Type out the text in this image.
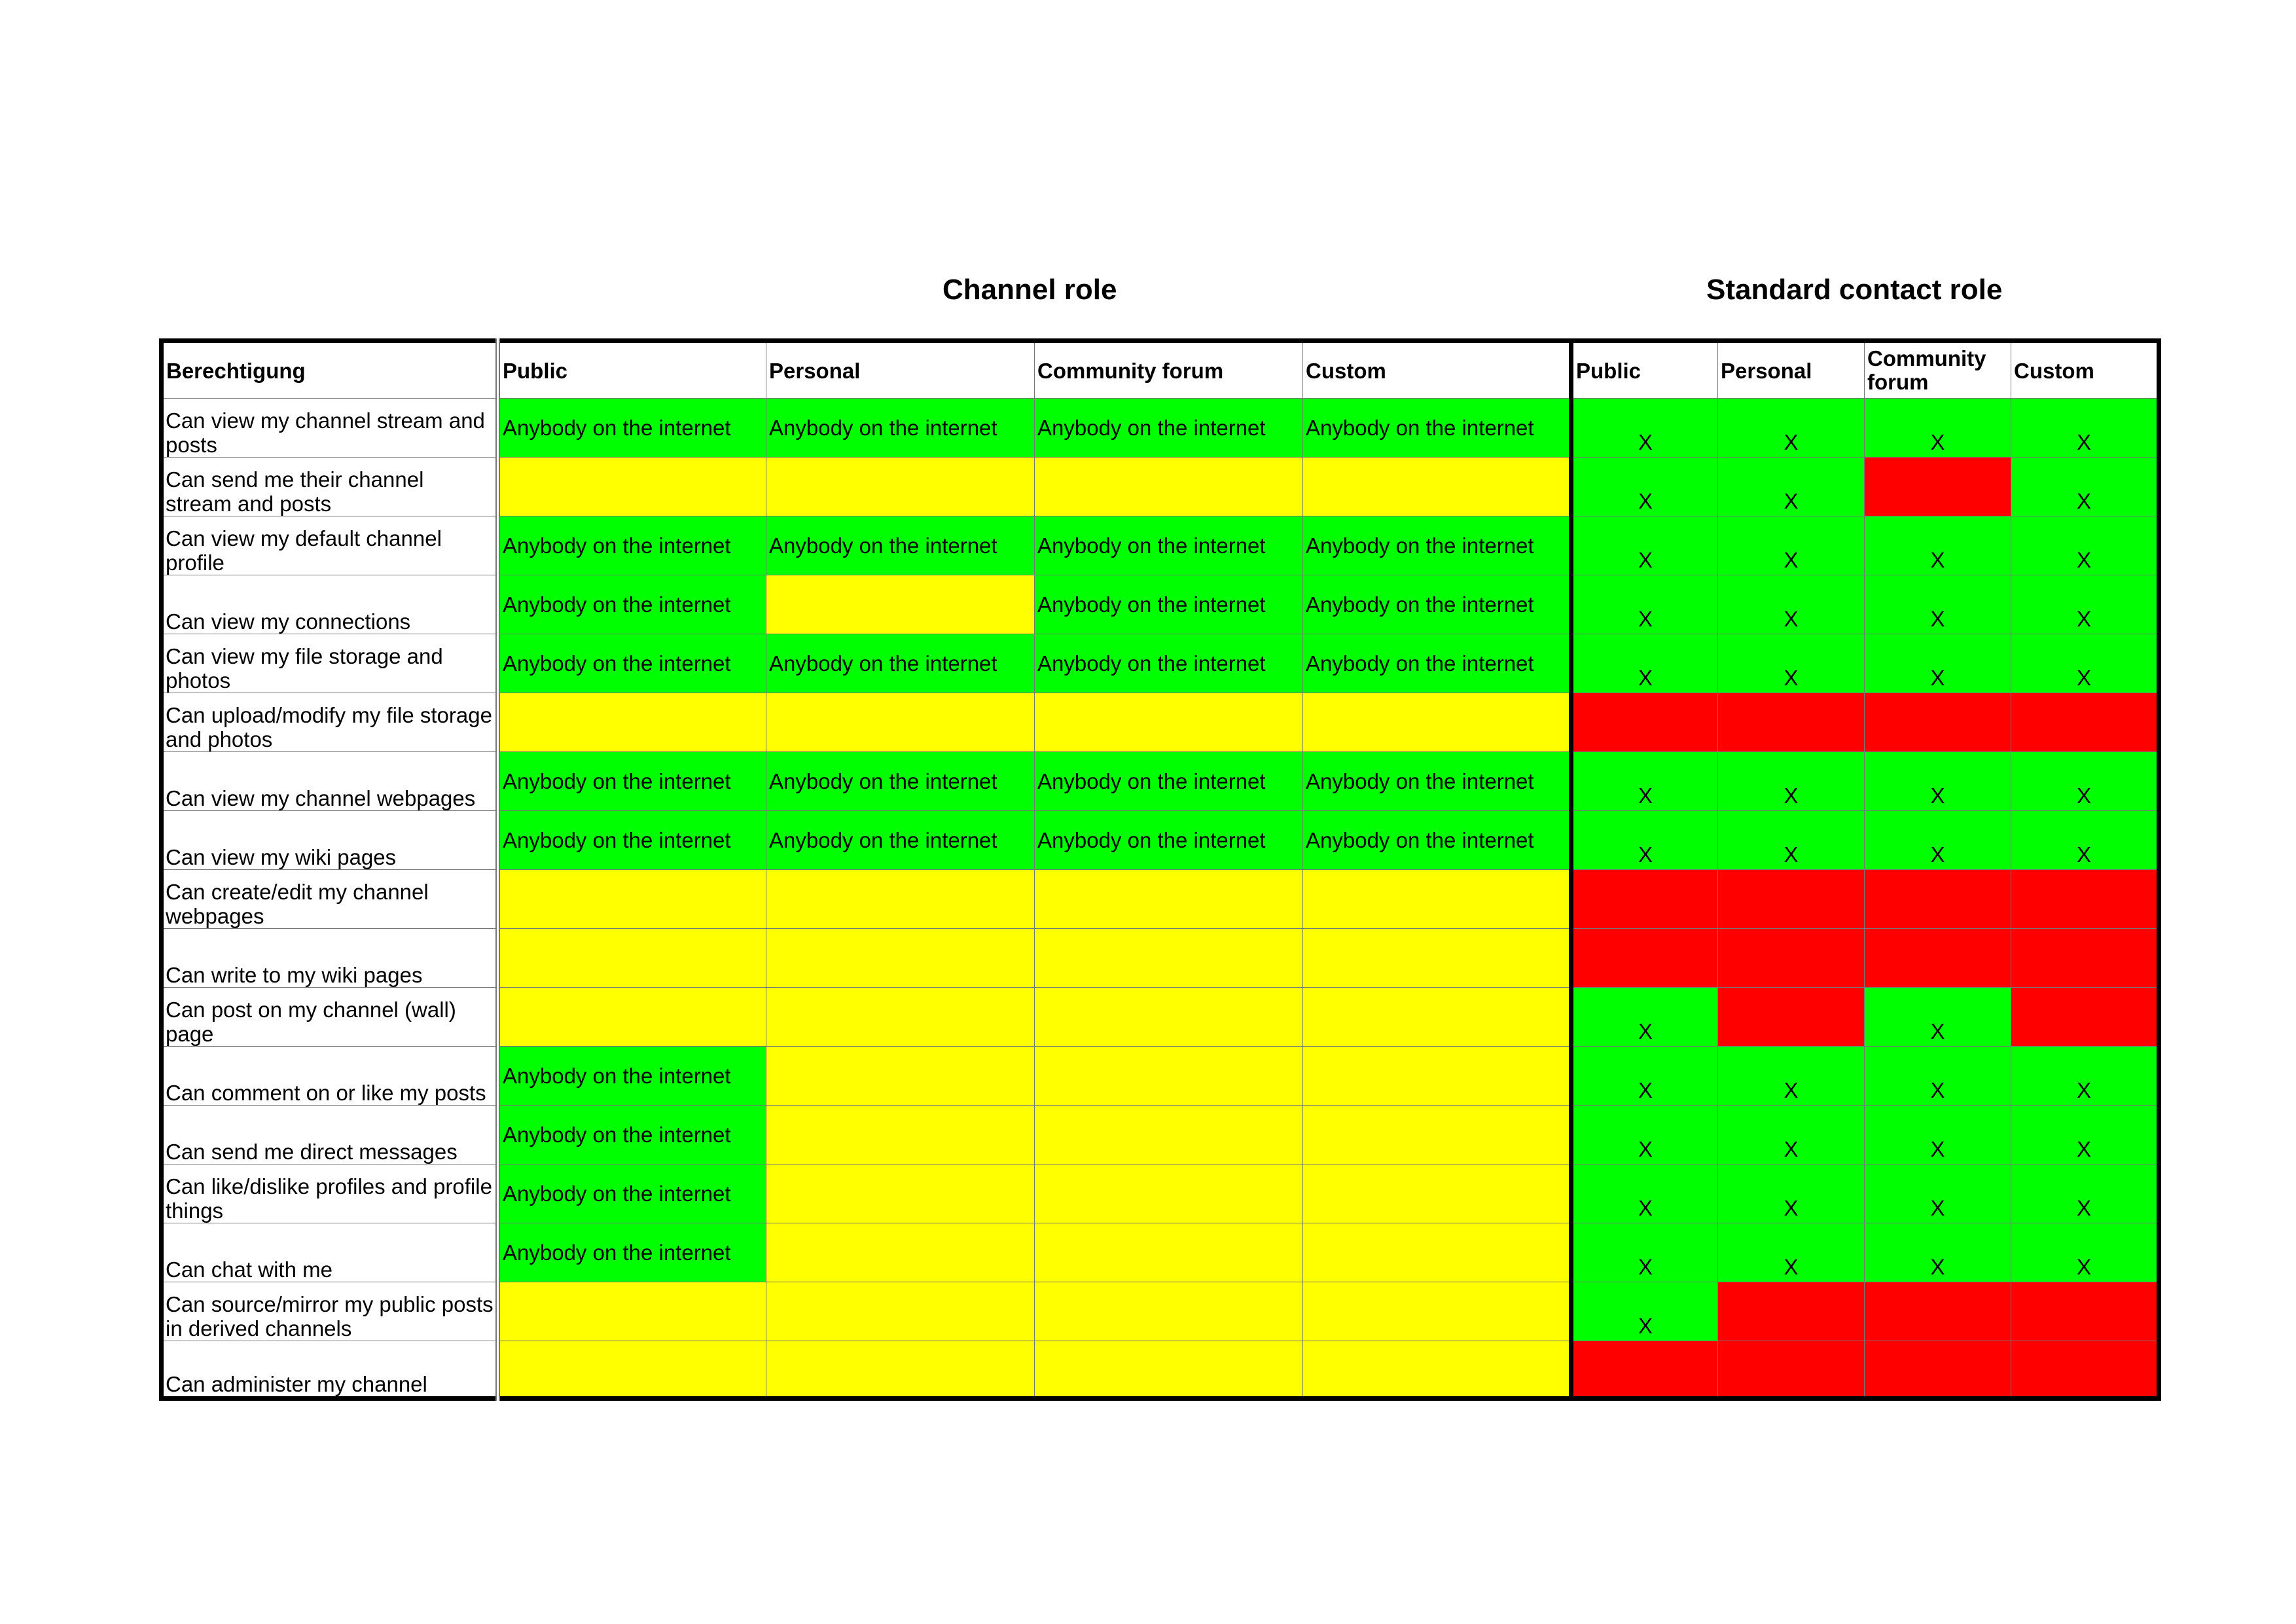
Channel role	Standard contact role
Berechtigung	Public	Personal	Community forum	Custom	Public	Personal	Community forum	Custom

Can view my channel stream and posts	Anybody on the internet	Anybody on the internet	Anybody on the internet	Anybody on the internet	X	X	X	X

Can send me their channel stream and posts					X	X		X

Can view my default channel profile	Anybody on the internet	Anybody on the internet	Anybody on the internet	Anybody on the internet	X	X	X	X

Can view my connections	Anybody on the internet		Anybody on the internet	Anybody on the internet	X	X	X	X

Can view my file storage and photos	Anybody on the internet	Anybody on the internet	Anybody on the internet	Anybody on the internet	X	X	X	X

Can upload/modify my file storage and photos								

Can view my channel webpages	Anybody on the internet	Anybody on the internet	Anybody on the internet	Anybody on the internet	X	X	X	X

Can view my wiki pages	Anybody on the internet	Anybody on the internet	Anybody on the internet	Anybody on the internet	X	X	X	X

Can create/edit my channel webpages								

Can write to my wiki pages								

Can post on my channel (wall) page					X		X	

Can comment on or like my posts	Anybody on the internet				X	X	X	X

Can send me direct messages	Anybody on the internet				X	X	X	X

Can like/dislike profiles and profile things	Anybody on the internet				X	X	X	X

Can chat with me	Anybody on the internet				X	X	X	X

Can source/mirror my public posts in derived channels					X			

Can administer my channel								
